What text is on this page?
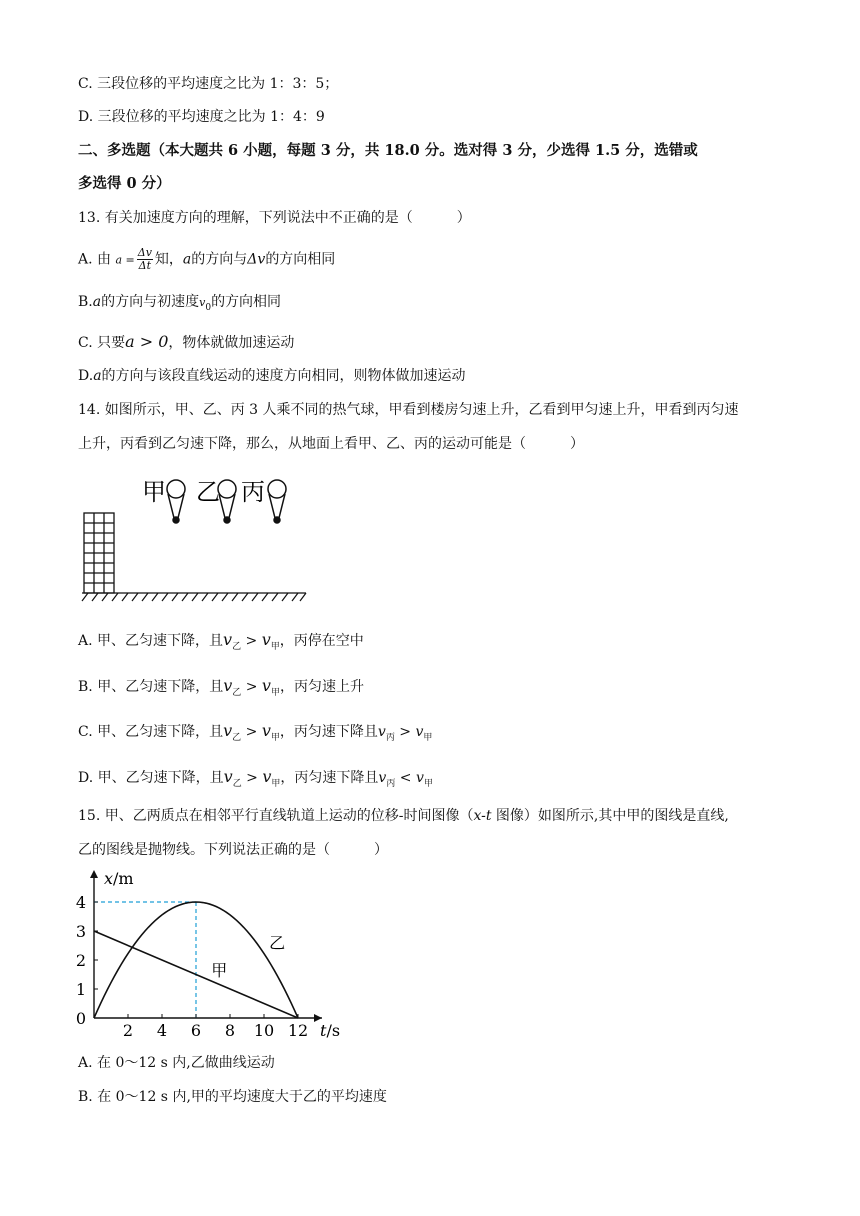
C. 三段位移的平均速度之比为 1：3：5；
D. 三段位移的平均速度之比为 1：4：9
二、多选题（本大题共 6 小题，每题 3 分，共 18.0 分。选对得 3 分，少选得 1.5 分，选错或
多选得 0 分）
13. 有关加速度方向的理解，下列说法中不正确的是（	）
A. 由 $a = \frac{\Delta v}{\Delta t}$ 知，a的方向与Δv的方向相同
B.a的方向与初速度$v_0$的方向相同
C. 只要a > 0，物体就做加速运动
D.a的方向与该段直线运动的速度方向相同，则物体做加速运动
14. 如图所示，甲、乙、丙 3 人乘不同的热气球，甲看到楼房匀速上升，乙看到甲匀速上升，甲看到丙匀速
上升，丙看到乙匀速下降，那么，从地面上看甲、乙、丙的运动可能是（	）
甲 乙 丙
A. 甲、乙匀速下降，且$v_乙 > v_甲$，丙停在空中
B. 甲、乙匀速下降，且$v_乙 > v_甲$，丙匀速上升
C. 甲、乙匀速下降，且$v_乙 > v_甲$，丙匀速下降且$v_丙 > v_甲$
D. 甲、乙匀速下降，且$v_乙 > v_甲$，丙匀速下降且$v_丙 < v_甲$
15. 甲、乙两质点在相邻平行直线轨道上运动的位移-时间图像（x-t 图像）如图所示,其中甲的图线是直线,
乙的图线是抛物线。下列说法正确的是（	）
2 4 6 8 10 12
0
1
2
3
4
x/m
t/s
乙
甲
A. 在 0～12 s 内,乙做曲线运动
B. 在 0～12 s 内,甲的平均速度大于乙的平均速度
